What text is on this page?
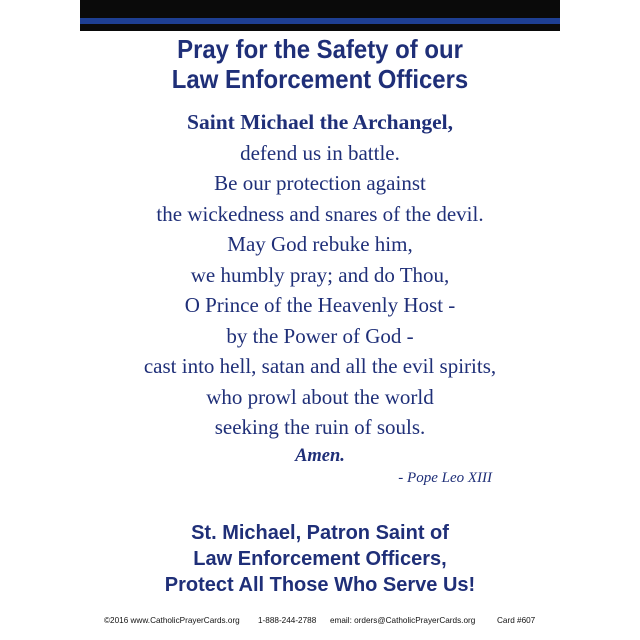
Pray for the Safety of our
Law Enforcement Officers
Saint Michael the Archangel,
defend us in battle.
Be our protection against
the wickedness and snares of the devil.
May God rebuke him,
we humbly pray; and do Thou,
O Prince of the Heavenly Host -
by the Power of God -
cast into hell, satan and all the evil spirits,
who prowl about the world
seeking the ruin of souls.
Amen.
- Pope Leo XIII
St. Michael, Patron Saint of
Law Enforcement Officers,
Protect All Those Who Serve Us!
©2016 www.CatholicPrayerCards.org 1-888-244-2788 email: orders@CatholicPrayerCards.org	Card #607
